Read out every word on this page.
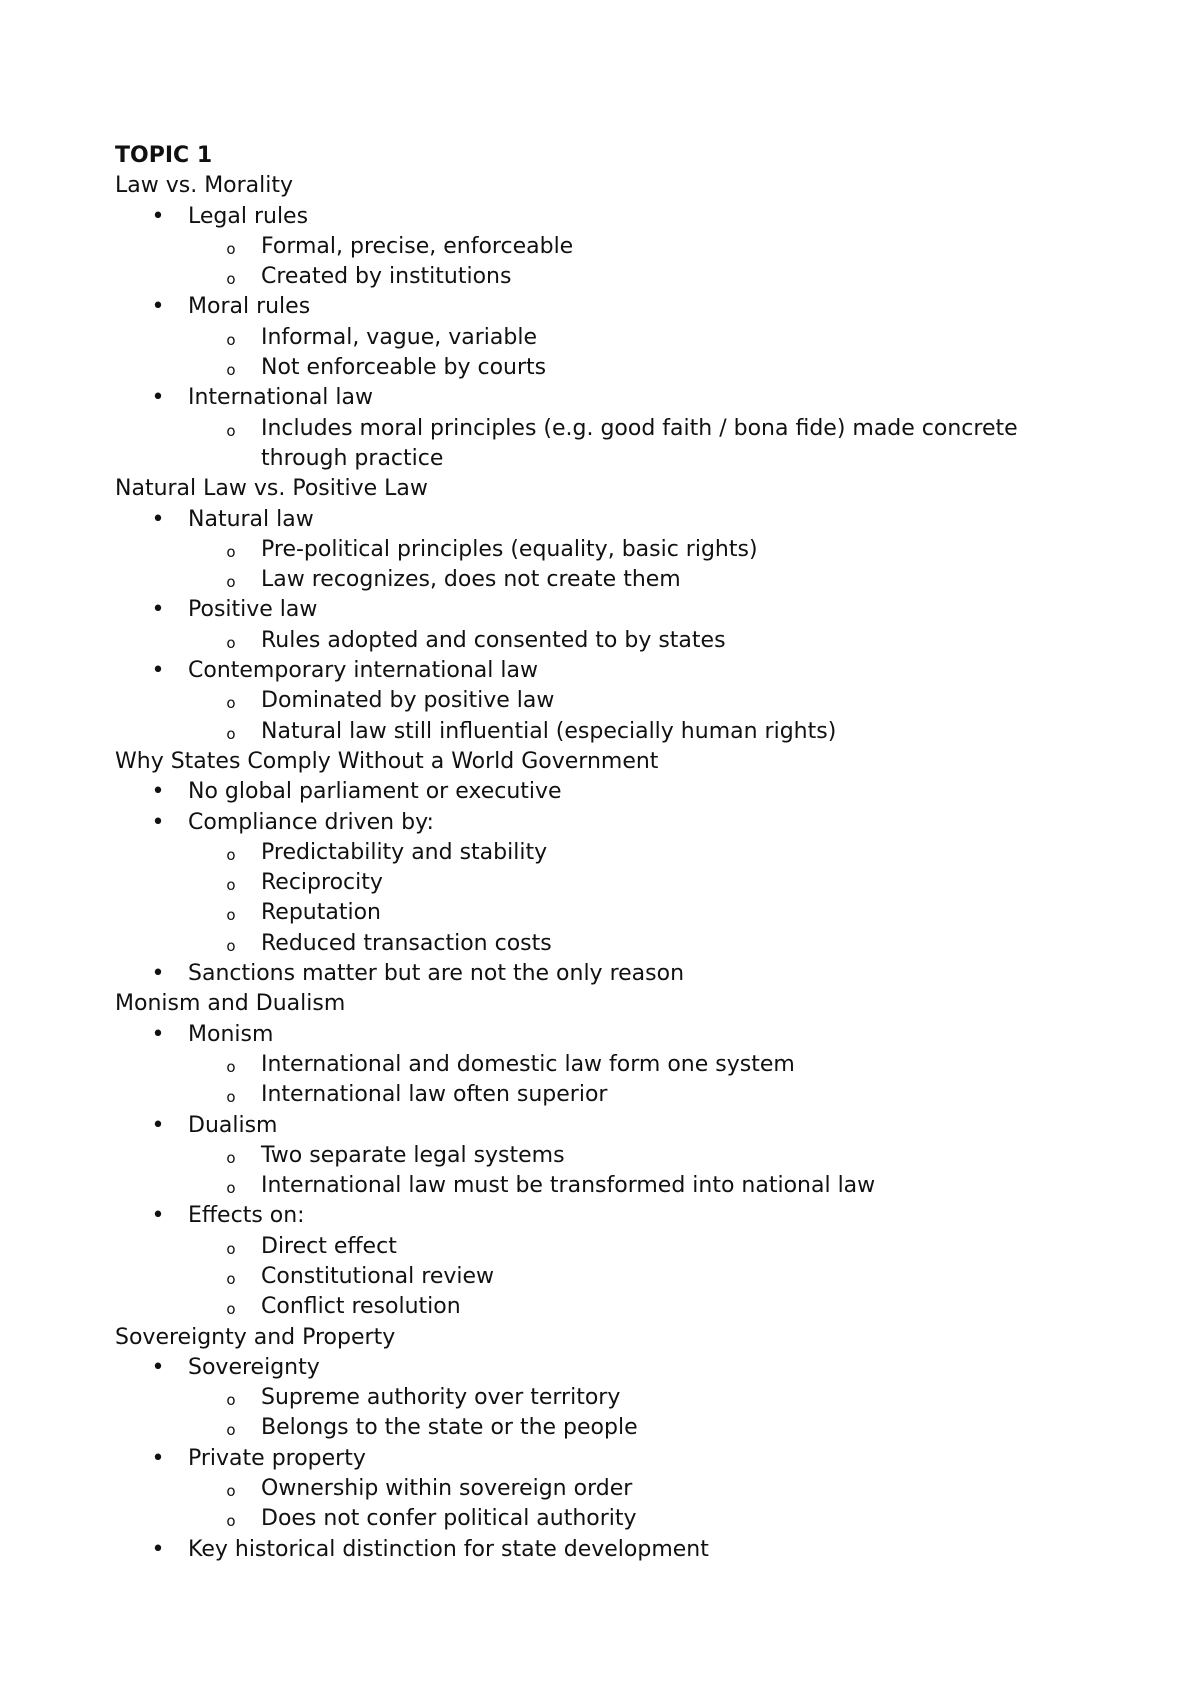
TOPIC 1
Law vs. Morality
• Legal rules
o Formal, precise, enforceable
o Created by institutions
• Moral rules
o Informal, vague, variable
o Not enforceable by courts
• International law
o Includes moral principles (e.g. good faith / bona fide) made concrete through practice
Natural Law vs. Positive Law
• Natural law
o Pre-political principles (equality, basic rights)
o Law recognizes, does not create them
• Positive law
o Rules adopted and consented to by states
• Contemporary international law
o Dominated by positive law
o Natural law still influential (especially human rights)
Why States Comply Without a World Government
• No global parliament or executive
• Compliance driven by:
o Predictability and stability
o Reciprocity
o Reputation
o Reduced transaction costs
• Sanctions matter but are not the only reason
Monism and Dualism
• Monism
o International and domestic law form one system
o International law often superior
• Dualism
o Two separate legal systems
o International law must be transformed into national law
• Effects on:
o Direct effect
o Constitutional review
o Conflict resolution
Sovereignty and Property
• Sovereignty
o Supreme authority over territory
o Belongs to the state or the people
• Private property
o Ownership within sovereign order
o Does not confer political authority
• Key historical distinction for state development
